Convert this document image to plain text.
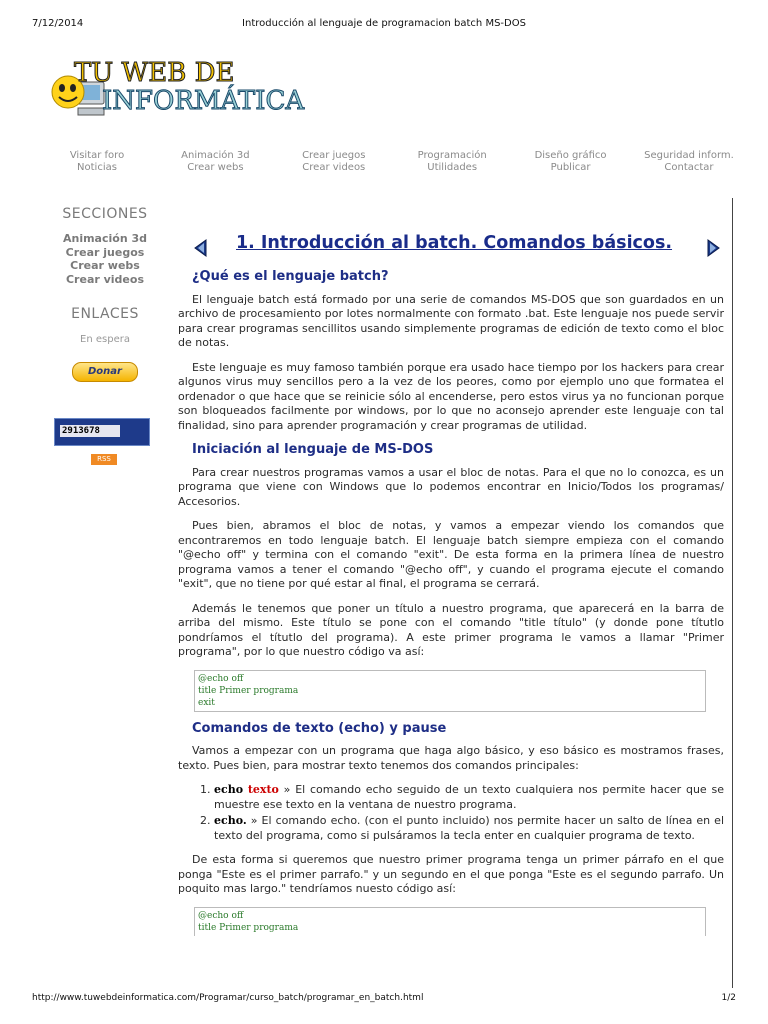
7/12/2014	Introducción al lenguaje de programacion batch MS-DOS
TU WEB DE
INFORMÁTICA
Visitar foro
Noticias
Animación 3d
Crear webs
Crear juegos
Crear videos
Programación
Utilidades
Diseño gráfico
Publicar
Seguridad inform.
Contactar
SECCIONES
Animación 3d
Crear juegos
Crear webs
Crear videos
ENLACES
En espera
Donar
2913678
RSS
1. Introducción al batch. Comandos básicos.
¿Qué es el lenguaje batch?

El lenguaje batch está formado por una serie de comandos MS-DOS que son guardados en un archivo de procesamiento por lotes normalmente con formato .bat. Este lenguaje nos puede servir para crear programas sencillitos usando simplemente programas de edición de texto como el bloc de notas.

Este lenguaje es muy famoso también porque era usado hace tiempo por los hackers para crear algunos virus muy sencillos pero a la vez de los peores, como por ejemplo uno que formatea el ordenador o que hace que se reinicie sólo al encenderse, pero estos virus ya no funcionan porque son bloqueados facilmente por windows, por lo que no aconsejo aprender este lenguaje con tal finalidad, sino para aprender programación y crear programas de utilidad.

Iniciación al lenguaje de MS-DOS

Para crear nuestros programas vamos a usar el bloc de notas. Para el que no lo conozca, es un programa que viene con Windows que lo podemos encontrar en Inicio/Todos los programas/ Accesorios.

Pues bien, abramos el bloc de notas, y vamos a empezar viendo los comandos que encontraremos en todo lenguaje batch. El lenguaje batch siempre empieza con el comando "@echo off" y termina con el comando "exit". De esta forma en la primera línea de nuestro programa vamos a tener el comando "@echo off", y cuando el programa ejecute el comando "exit", que no tiene por qué estar al final, el programa se cerrará.

Además le tenemos que poner un título a nuestro programa, que aparecerá en la barra de arriba del mismo. Este título se pone con el comando "title título" (y donde pone títutlo pondríamos el títutlo del programa). A este primer programa le vamos a llamar "Primer programa", por lo que nuestro código va así:

@echo off
title Primer programa
exit
Comandos de texto (echo) y pause

Vamos a empezar con un programa que haga algo básico, y eso básico es mostramos frases, texto. Pues bien, para mostrar texto tenemos dos comandos principales:

1. echo texto » El comando echo seguido de un texto cualquiera nos permite hacer que se muestre ese texto en la ventana de nuestro programa.
2. echo. » El comando echo. (con el punto incluido) nos permite hacer un salto de línea en el texto del programa, como si pulsáramos la tecla enter en cualquier programa de texto.

De esta forma si queremos que nuestro primer programa tenga un primer párrafo en el que ponga "Este es el primer parrafo." y un segundo en el que ponga "Este es el segundo parrafo. Un poquito mas largo." tendríamos nuesto código así:

@echo off
title Primer programa
http://www.tuwebdeinformatica.com/Programar/curso_batch/programar_en_batch.html	1/2
